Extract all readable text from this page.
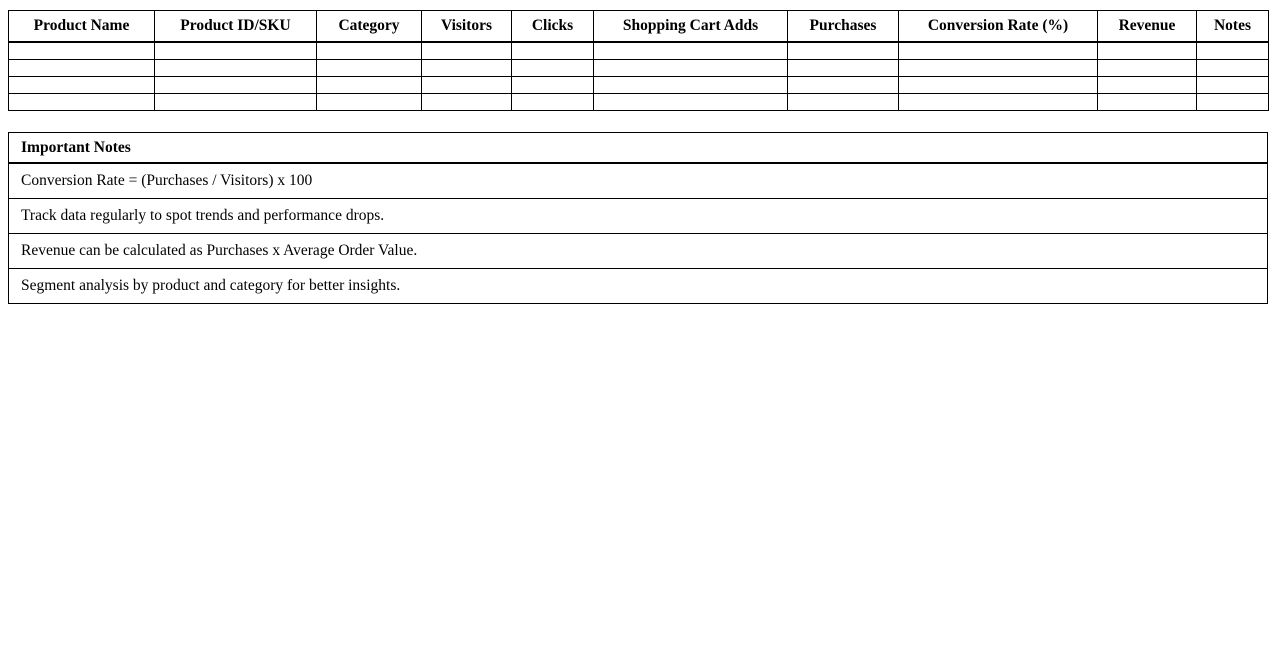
Product Name	Product ID/SKU	Category	Visitors	Clicks	Shopping Cart Adds	Purchases	Conversion Rate (%)	Revenue	Notes

Important Notes
Conversion Rate = (Purchases / Visitors) x 100
Track data regularly to spot trends and performance drops.
Revenue can be calculated as Purchases x Average Order Value.
Segment analysis by product and category for better insights.
